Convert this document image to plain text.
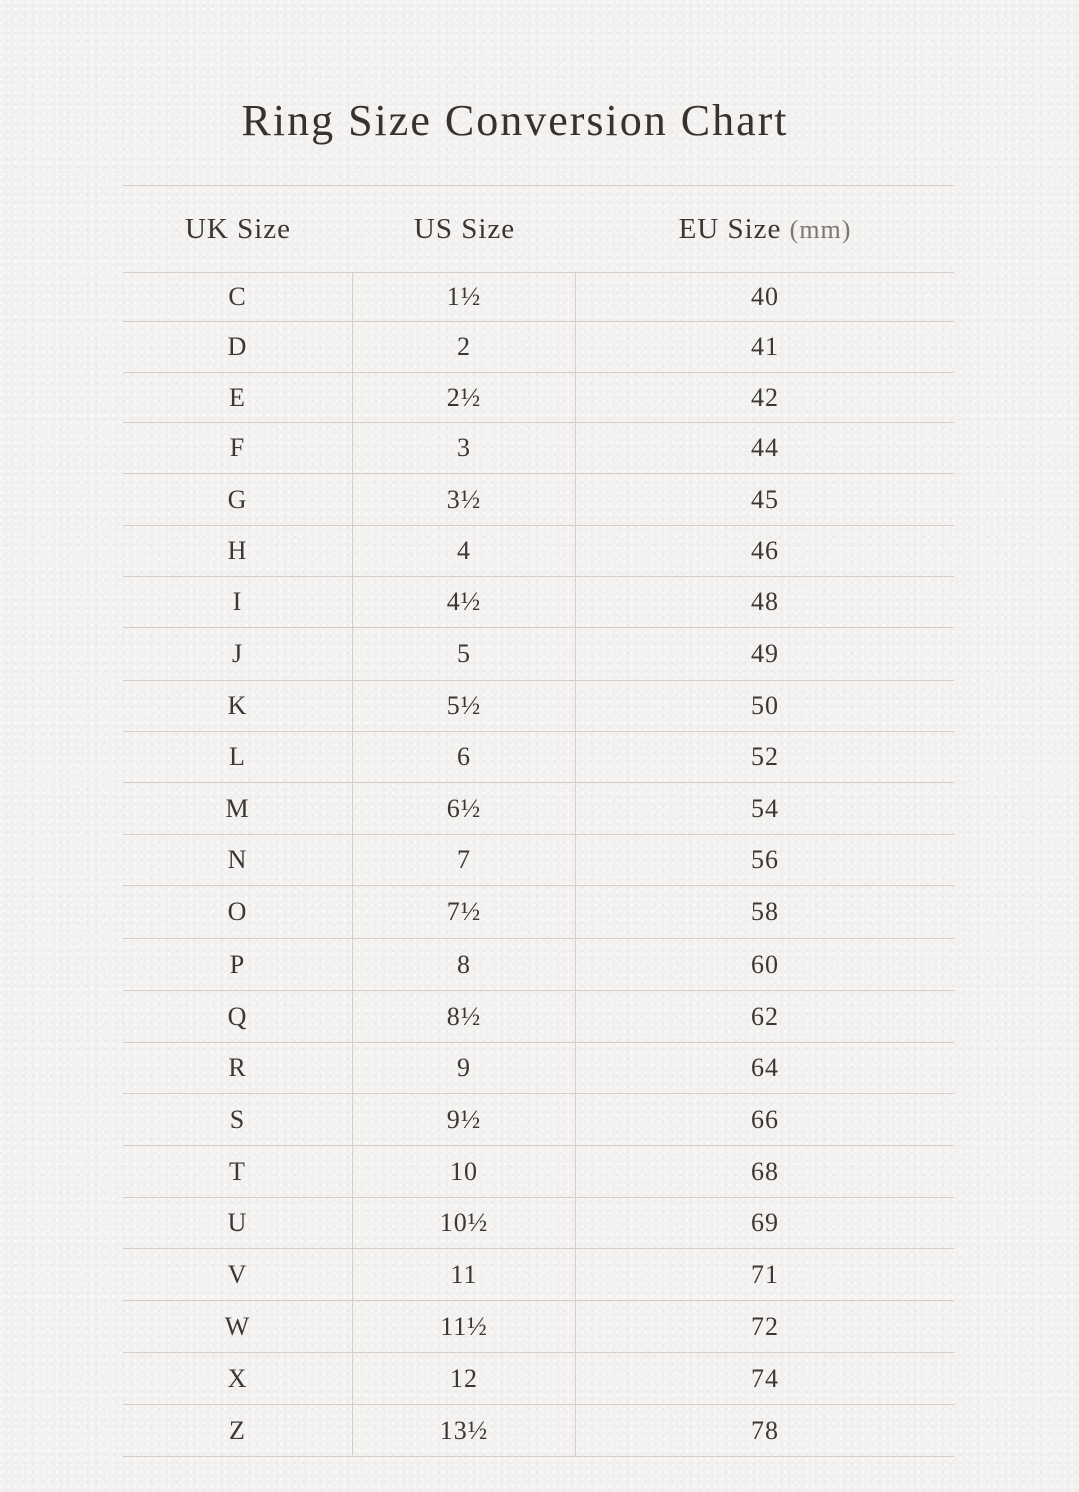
Ring Size Conversion Chart
UK Size	US Size	EU Size (mm)
C	1½	40
D	2	41
E	2½	42
F	3	44
G	3½	45
H	4	46
I	4½	48
J	5	49
K	5½	50
L	6	52
M	6½	54
N	7	56
O	7½	58
P	8	60
Q	8½	62
R	9	64
S	9½	66
T	10	68
U	10½	69
V	11	71
W	11½	72
X	12	74
Z	13½	78
